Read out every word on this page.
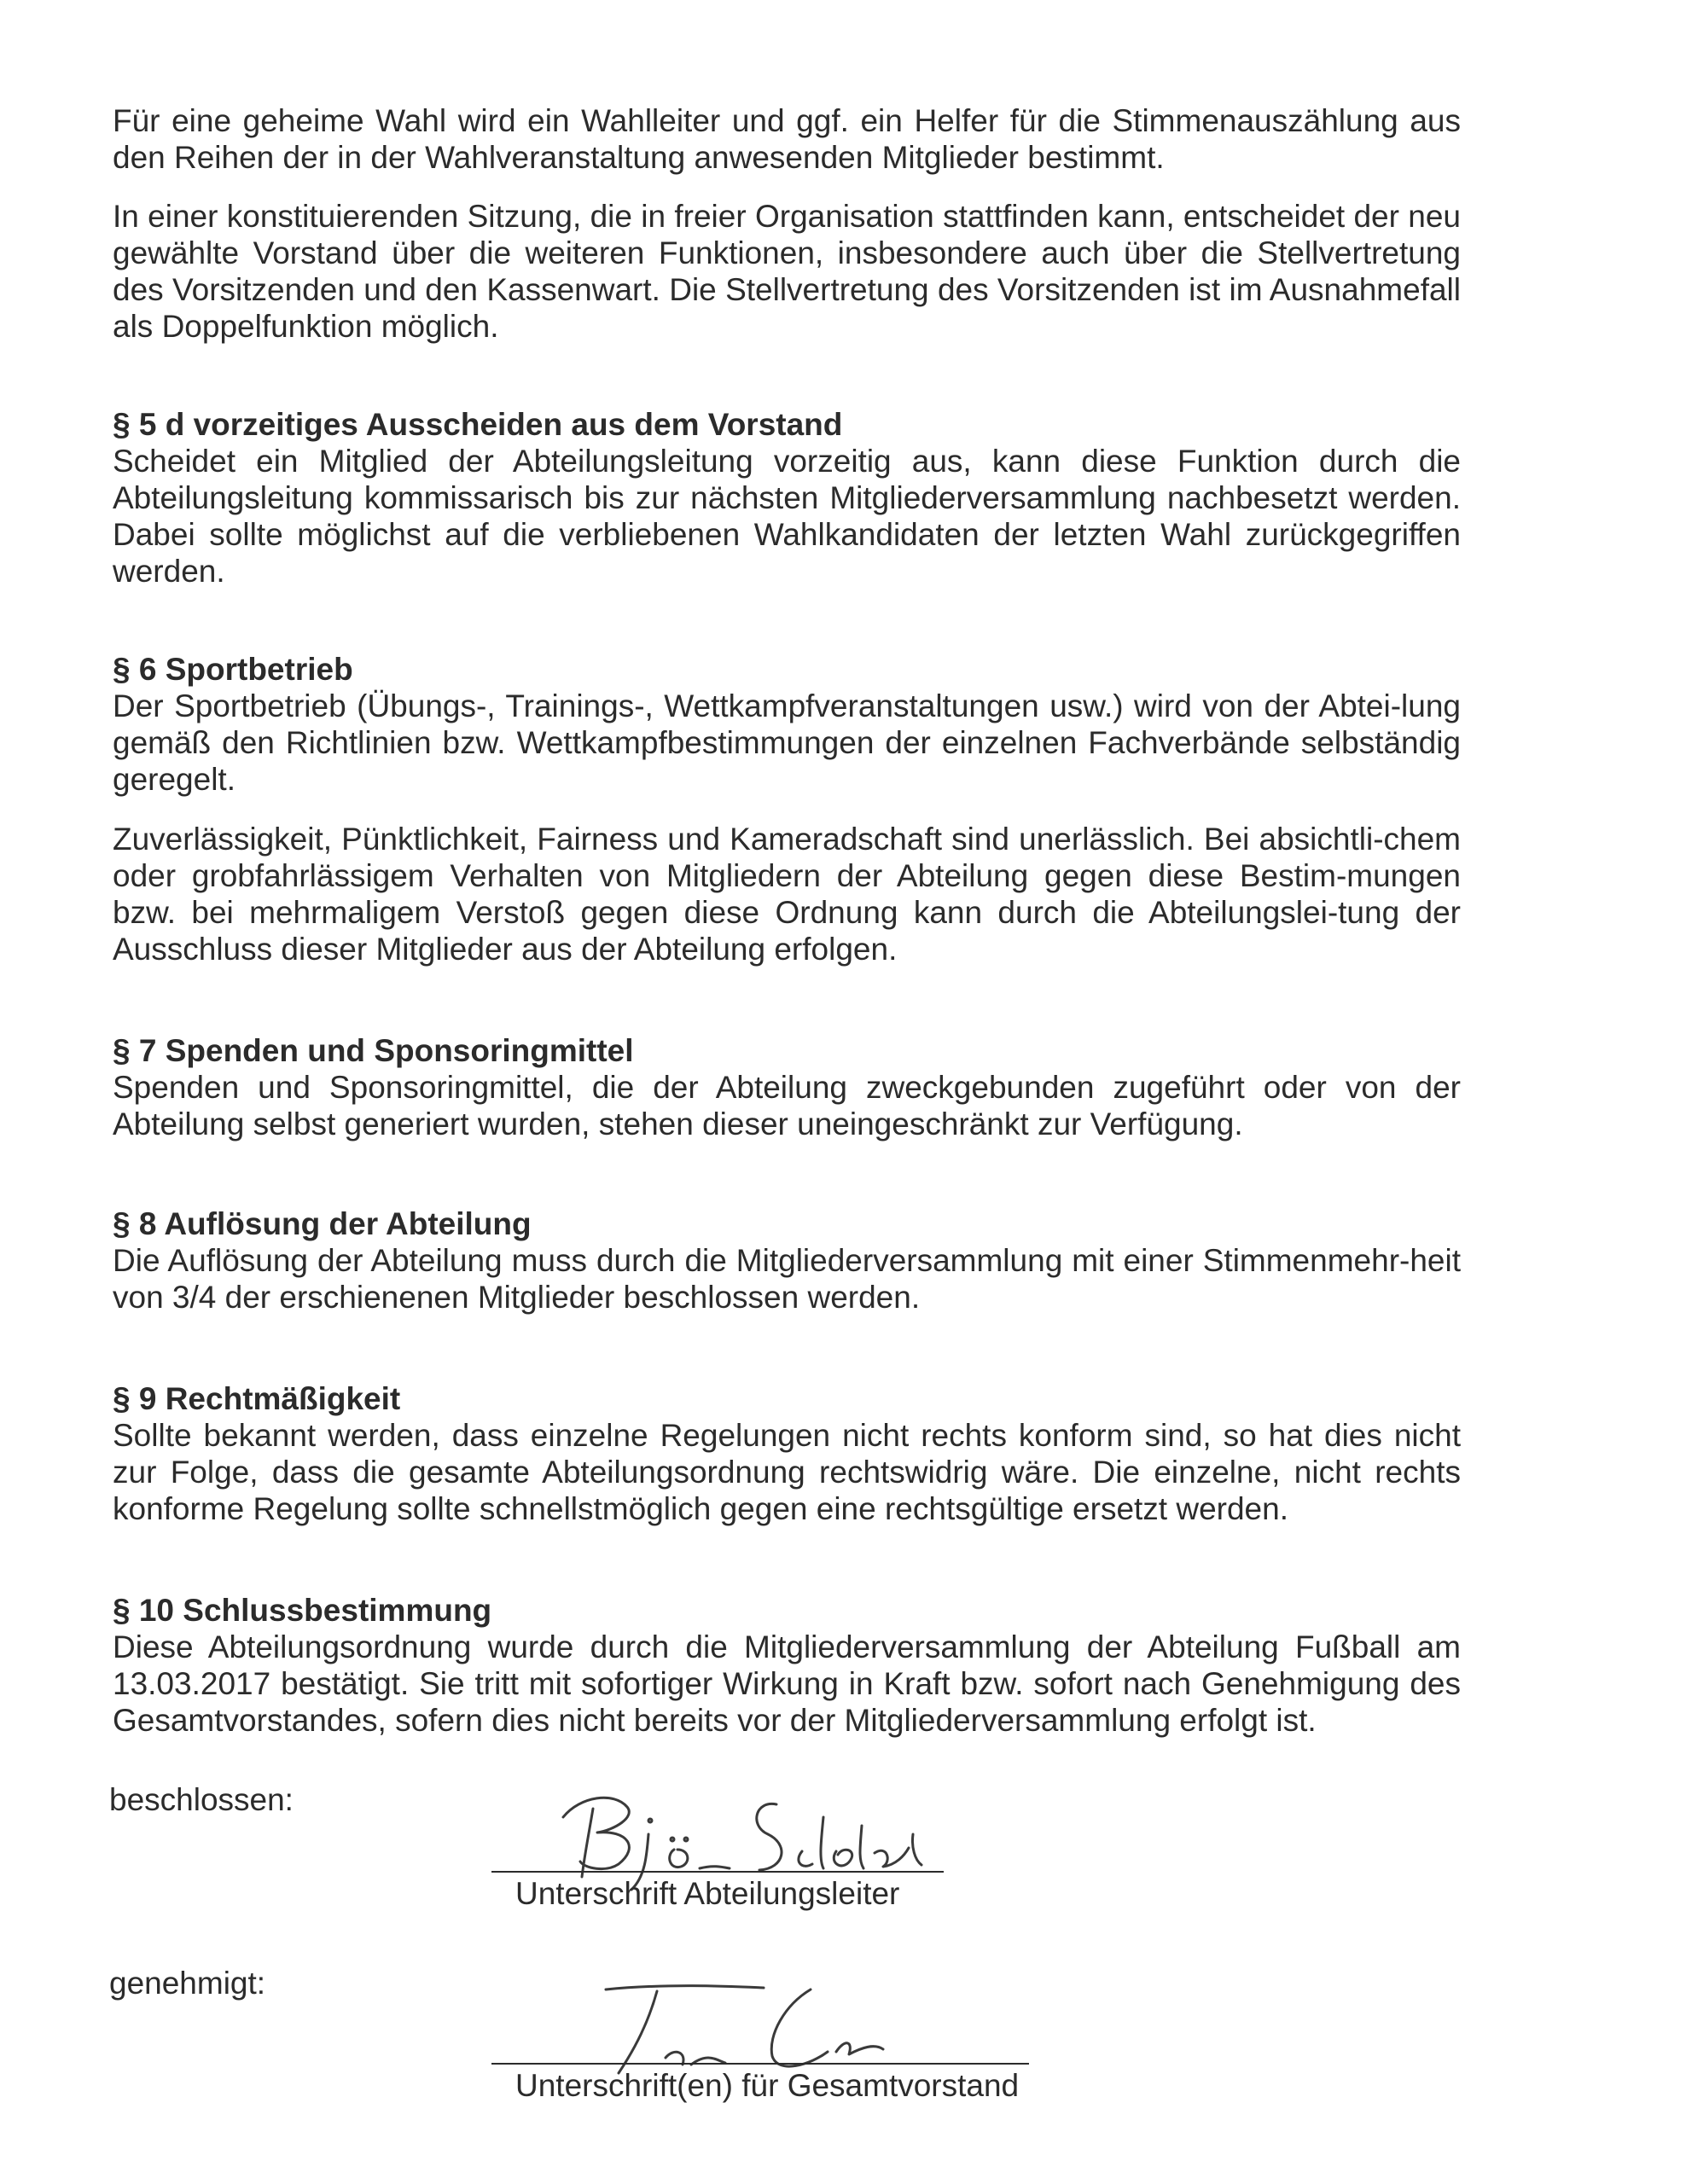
Für eine geheime Wahl wird ein Wahlleiter und ggf. ein Helfer für die Stimmenauszählung aus den Reihen der in der Wahlveranstaltung anwesenden Mitglieder bestimmt.

In einer konstituierenden Sitzung, die in freier Organisation stattfinden kann, entscheidet der neu gewählte Vorstand über die weiteren Funktionen, insbesondere auch über die Stellvertretung des Vorsitzenden und den Kassenwart. Die Stellvertretung des Vorsitzenden ist im Ausnahmefall als Doppelfunktion möglich.

§ 5 d vorzeitiges Ausscheiden aus dem Vorstand

Scheidet ein Mitglied der Abteilungsleitung vorzeitig aus, kann diese Funktion durch die Abteilungsleitung kommissarisch bis zur nächsten Mitgliederversammlung nachbesetzt werden. Dabei sollte möglichst auf die verbliebenen Wahlkandidaten der letzten Wahl zurückgegriffen werden.

§ 6 Sportbetrieb

Der Sportbetrieb (Übungs-, Trainings-, Wettkampfveranstaltungen usw.) wird von der Abtei-lung gemäß den Richtlinien bzw. Wettkampfbestimmungen der einzelnen Fachverbände selbständig geregelt.

Zuverlässigkeit, Pünktlichkeit, Fairness und Kameradschaft sind unerlässlich. Bei absichtli-chem oder grobfahrlässigem Verhalten von Mitgliedern der Abteilung gegen diese Bestim-mungen bzw. bei mehrmaligem Verstoß gegen diese Ordnung kann durch die Abteilungslei-tung der Ausschluss dieser Mitglieder aus der Abteilung erfolgen.

§ 7 Spenden und Sponsoringmittel

Spenden und Sponsoringmittel, die der Abteilung zweckgebunden zugeführt oder von der Abteilung selbst generiert wurden, stehen dieser uneingeschränkt zur Verfügung.

§ 8 Auflösung der Abteilung

Die Auflösung der Abteilung muss durch die Mitgliederversammlung mit einer Stimmenmehr-heit von 3/4 der erschienenen Mitglieder beschlossen werden.

§ 9 Rechtmäßigkeit

Sollte bekannt werden, dass einzelne Regelungen nicht rechts konform sind, so hat dies nicht zur Folge, dass die gesamte Abteilungsordnung rechtswidrig wäre. Die einzelne, nicht rechts konforme Regelung sollte schnellstmöglich gegen eine rechtsgültige ersetzt werden.

§ 10 Schlussbestimmung

Diese Abteilungsordnung wurde durch die Mitgliederversammlung der Abteilung Fußball am 13.03.2017 bestätigt. Sie tritt mit sofortiger Wirkung in Kraft bzw. sofort nach Genehmigung des Gesamtvorstandes, sofern dies nicht bereits vor der Mitgliederversammlung erfolgt ist.

beschlossen:
Unterschrift Abteilungsleiter
genehmigt:
Unterschrift(en) für Gesamtvorstand
